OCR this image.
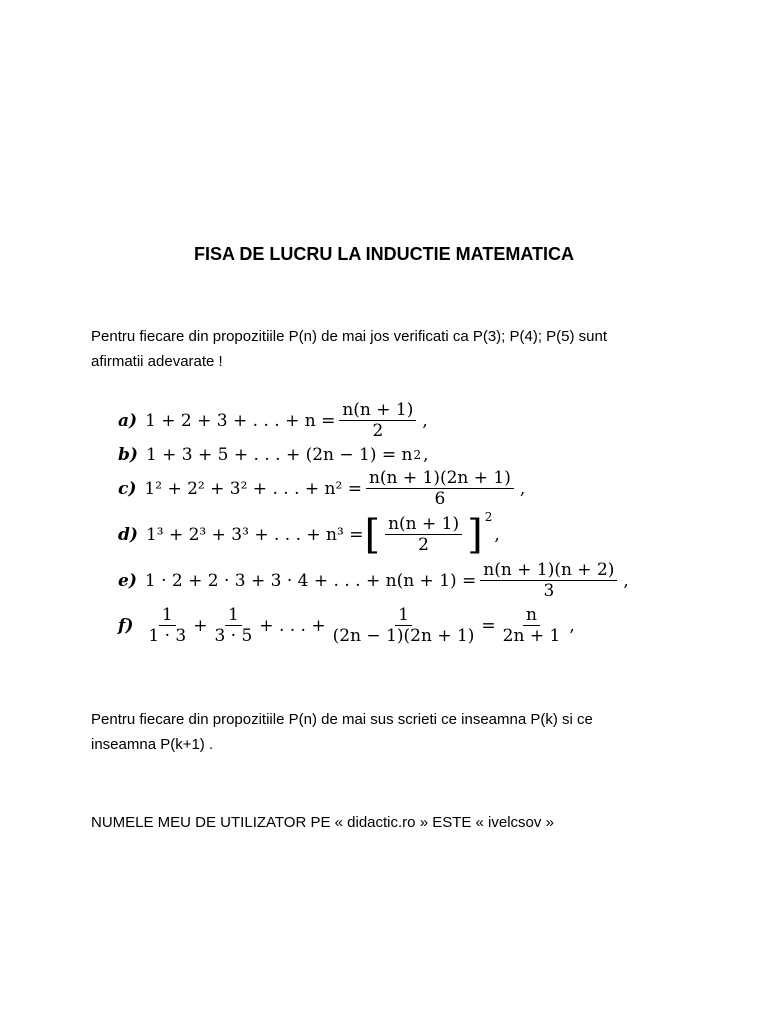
FISA DE LUCRU LA INDUCTIE MATEMATICA
Pentru fiecare din propozitiile P(n) de mai jos verificati ca P(3); P(4); P(5) sunt
afirmatii adevarate !
a) 1 + 2 + 3 + . . . + $n = \frac{n(n + 1)}{2}$ ,
b) 1 + 3 + 5 + . . . + (2n − 1) = n 2 ,
c) 1² + 2² + 3² + . . . + $n^2 = \frac{n(n + 1)(2n + 1)}{6}$ ,
d) 1³ + 2³ + 3³ + . . . + n³ = [ $\frac{n(n + 1)}{2}$ ] 2
,
e) 1 · 2 + 2 · 3 + 3 · 4 + . . . + $n(n + 1) = \frac{n(n + 1)(n + 2)}{3}$ ,
$f) \frac{1}{1 \cdot 3} + \frac{1}{3 \cdot 5}$ + . . . + $\frac{1}{(2n - 1)(2n + 1)} = \frac{n}{2n + 1}$ ,
Pentru fiecare din propozitiile P(n) de mai sus scrieti ce inseamna P(k) si ce
inseamna P(k+1) .
NUMELE MEU DE UTILIZATOR PE « didactic.ro » ESTE « ivelcsov »
